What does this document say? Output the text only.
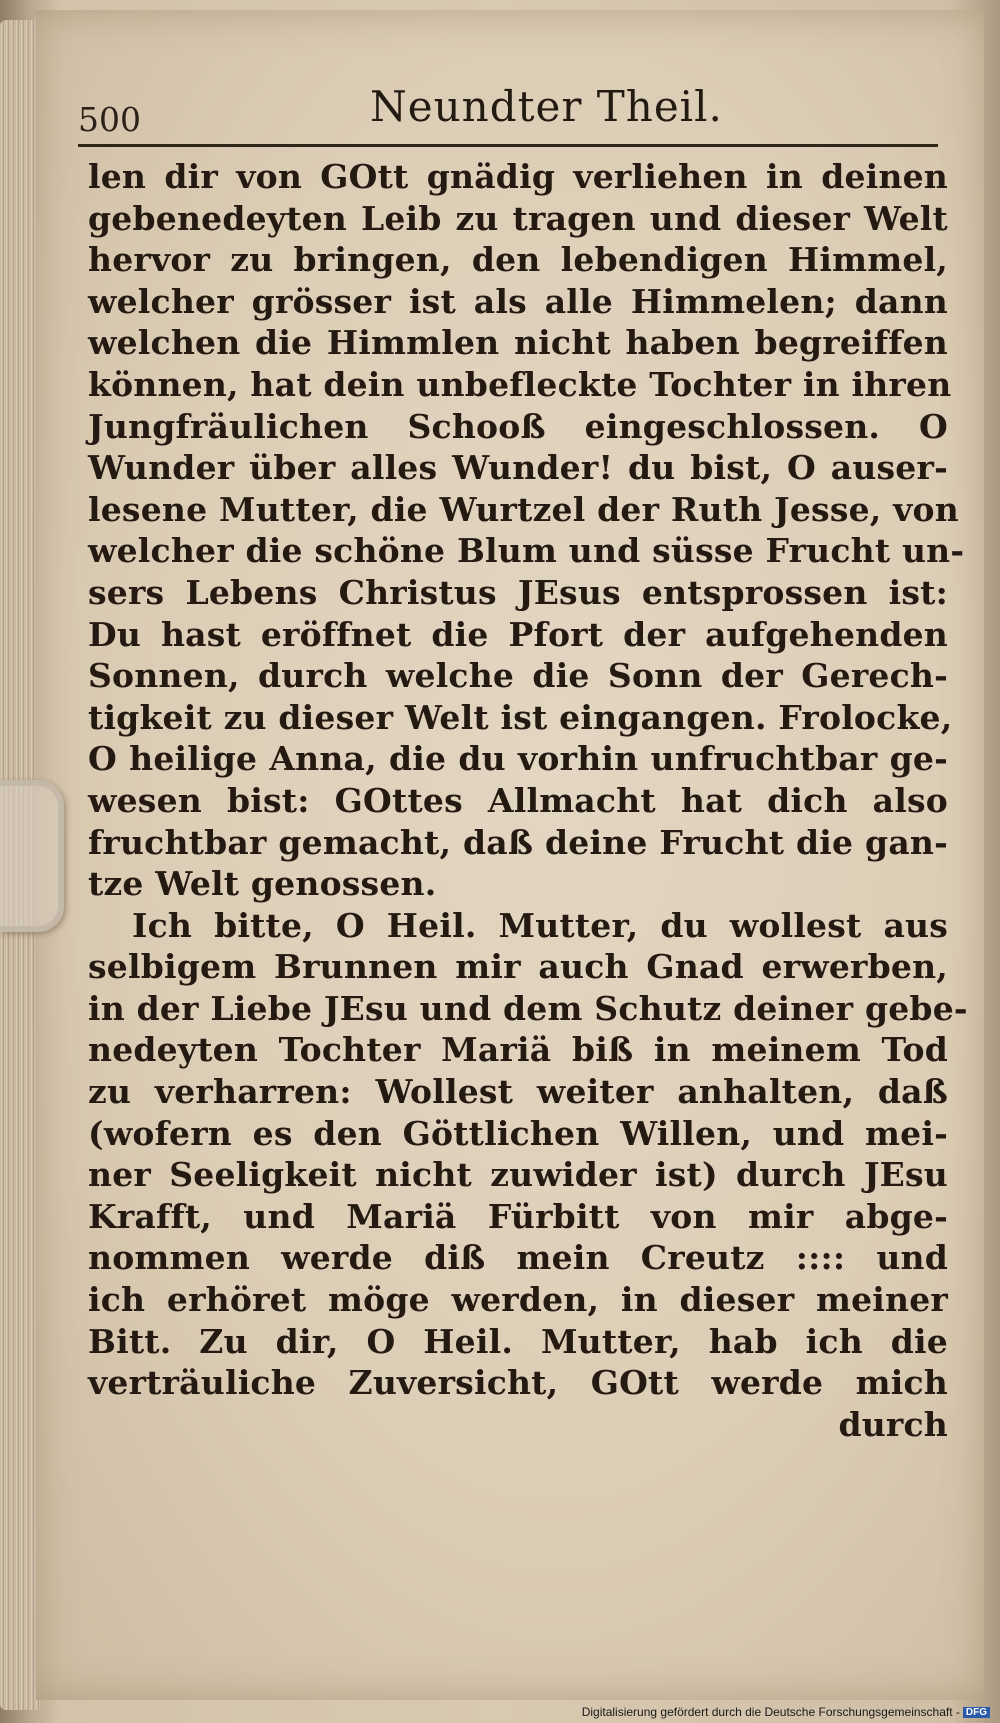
500	Neundter Theil.
len dir von GOtt gnädig verliehen in deinen
gebenedeyten Leib zu tragen und dieser Welt
hervor zu bringen, den lebendigen Himmel,
welcher grösser ist als alle Himmelen; dann
welchen die Himmlen nicht haben begreiffen
können, hat dein unbefleckte Tochter in ihren
Jungfräulichen Schooß eingeschlossen. O
Wunder über alles Wunder! du bist, O auser-
lesene Mutter, die Wurtzel der Ruth Jesse, von
welcher die schöne Blum und süsse Frucht un-
sers Lebens Christus JEsus entsprossen ist:
Du hast eröffnet die Pfort der aufgehenden
Sonnen, durch welche die Sonn der Gerech-
tigkeit zu dieser Welt ist eingangen. Frolocke,
O heilige Anna, die du vorhin unfruchtbar ge-
wesen bist: GOttes Allmacht hat dich also
fruchtbar gemacht, daß deine Frucht die gan-
tze Welt genossen.
Ich bitte, O Heil. Mutter, du wollest aus
selbigem Brunnen mir auch Gnad erwerben,
in der Liebe JEsu und dem Schutz deiner gebe-
nedeyten Tochter Mariä biß in meinem Tod
zu verharren: Wollest weiter anhalten, daß
(wofern es den Göttlichen Willen, und mei-
ner Seeligkeit nicht zuwider ist) durch JEsu
Krafft, und Mariä Fürbitt von mir abge-
nommen werde diß mein Creutz :::: und
ich erhöret möge werden, in dieser meiner
Bitt. Zu dir, O Heil. Mutter, hab ich die
verträuliche Zuversicht, GOtt werde mich
durch
Digitalisierung gefördert durch die Deutsche Forschungsgemeinschaft - DFG
